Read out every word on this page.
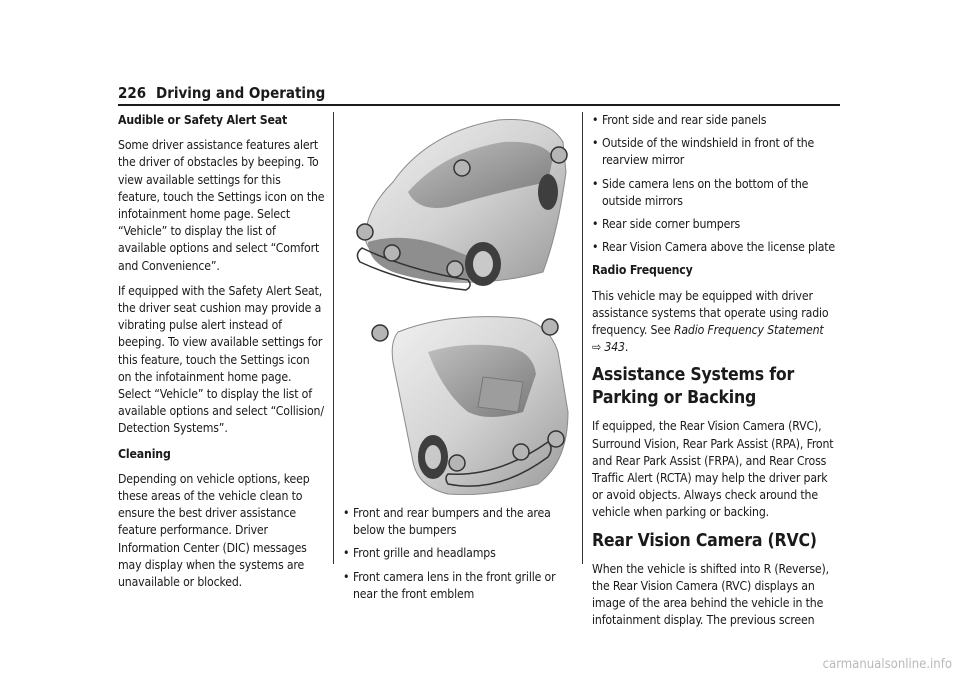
226 Driving and Operating
Audible or Safety Alert Seat

Some driver assistance features alert the driver of obstacles by beeping. To view available settings for this feature, touch the Settings icon on the infotainment home page. Select “Vehicle” to display the list of available options and select “Comfort and Convenience”.

If equipped with the Safety Alert Seat, the driver seat cushion may provide a vibrating pulse alert instead of beeping. To view available settings for this feature, touch the Settings icon on the infotainment home page. Select “Vehicle” to display the list of available options and select “Collision/ Detection Systems”.

Cleaning

Depending on vehicle options, keep these areas of the vehicle clean to ensure the best driver assistance feature performance. Driver Information Center (DIC) messages may display when the systems are unavailable or blocked.

• Front and rear bumpers and the area below the bumpers
• Front grille and headlamps
• Front camera lens in the front grille or near the front emblem
• Front side and rear side panels
• Outside of the windshield in front of the rearview mirror
• Side camera lens on the bottom of the outside mirrors
• Rear side corner bumpers
• Rear Vision Camera above the license plate
Radio Frequency

This vehicle may be equipped with driver assistance systems that operate using radio frequency. See Radio Frequency Statement
⇨ 343.

Assistance Systems for Parking or Backing

If equipped, the Rear Vision Camera (RVC), Surround Vision, Rear Park Assist (RPA), Front and Rear Park Assist (FRPA), and Rear Cross Traffic Alert (RCTA) may help the driver park or avoid objects. Always check around the vehicle when parking or backing.

Rear Vision Camera (RVC)

When the vehicle is shifted into R (Reverse), the Rear Vision Camera (RVC) displays an image of the area behind the vehicle in the infotainment display. The previous screen

carmanualsonline.info
